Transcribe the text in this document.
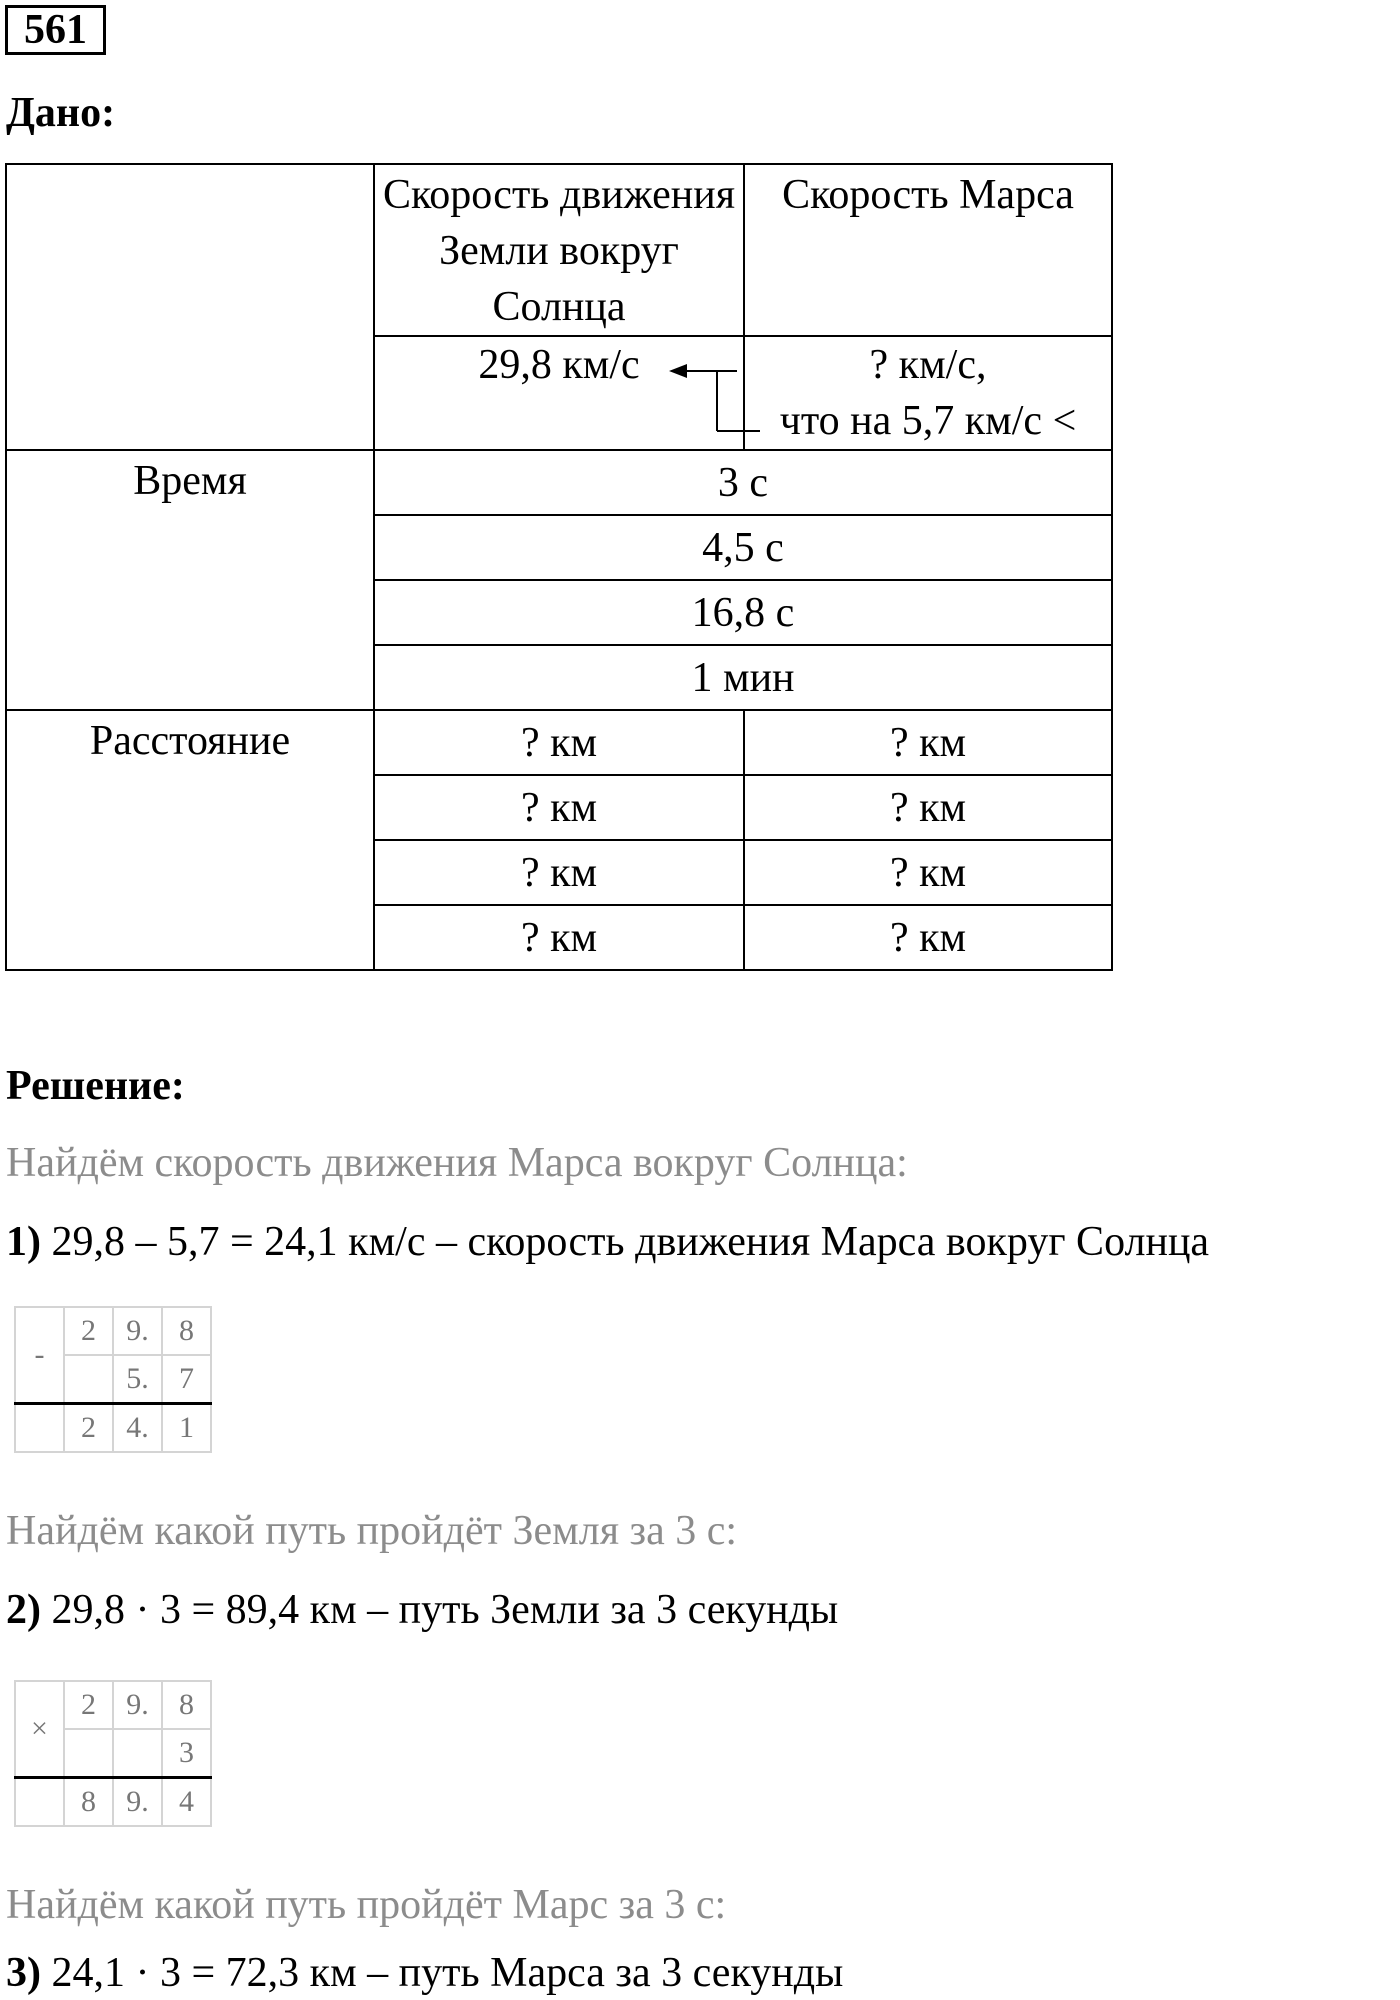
561
Дано:
	Скорость движения Земли вокруг Солнца	Скорость Марса

	29,8 км/с	? км/с,
что на 5,7 км/с <

Время	3 с	
	4,5 с	
	16,8 с	
	1 мин	
Расстояние	? км	? км
	? км	? км
	? км	? км
	? км	? км
Решение:
Найдём скорость движения Марса вокруг Солнца:
1) 29,8 – 5,7 = 24,1 км/с – скорость движения Марса вокруг Солнца
-	2	9.	8
		5.	7
	2	4.	1
Найдём какой путь пройдёт Земля за 3 с:
2) 29,8 · 3 = 89,4 км – путь Земли за 3 секунды
×	2	9.	8
			3
	8	9.	4
Найдём какой путь пройдёт Марс за 3 с:
3) 24,1 · 3 = 72,3 км – путь Марса за 3 секунды
